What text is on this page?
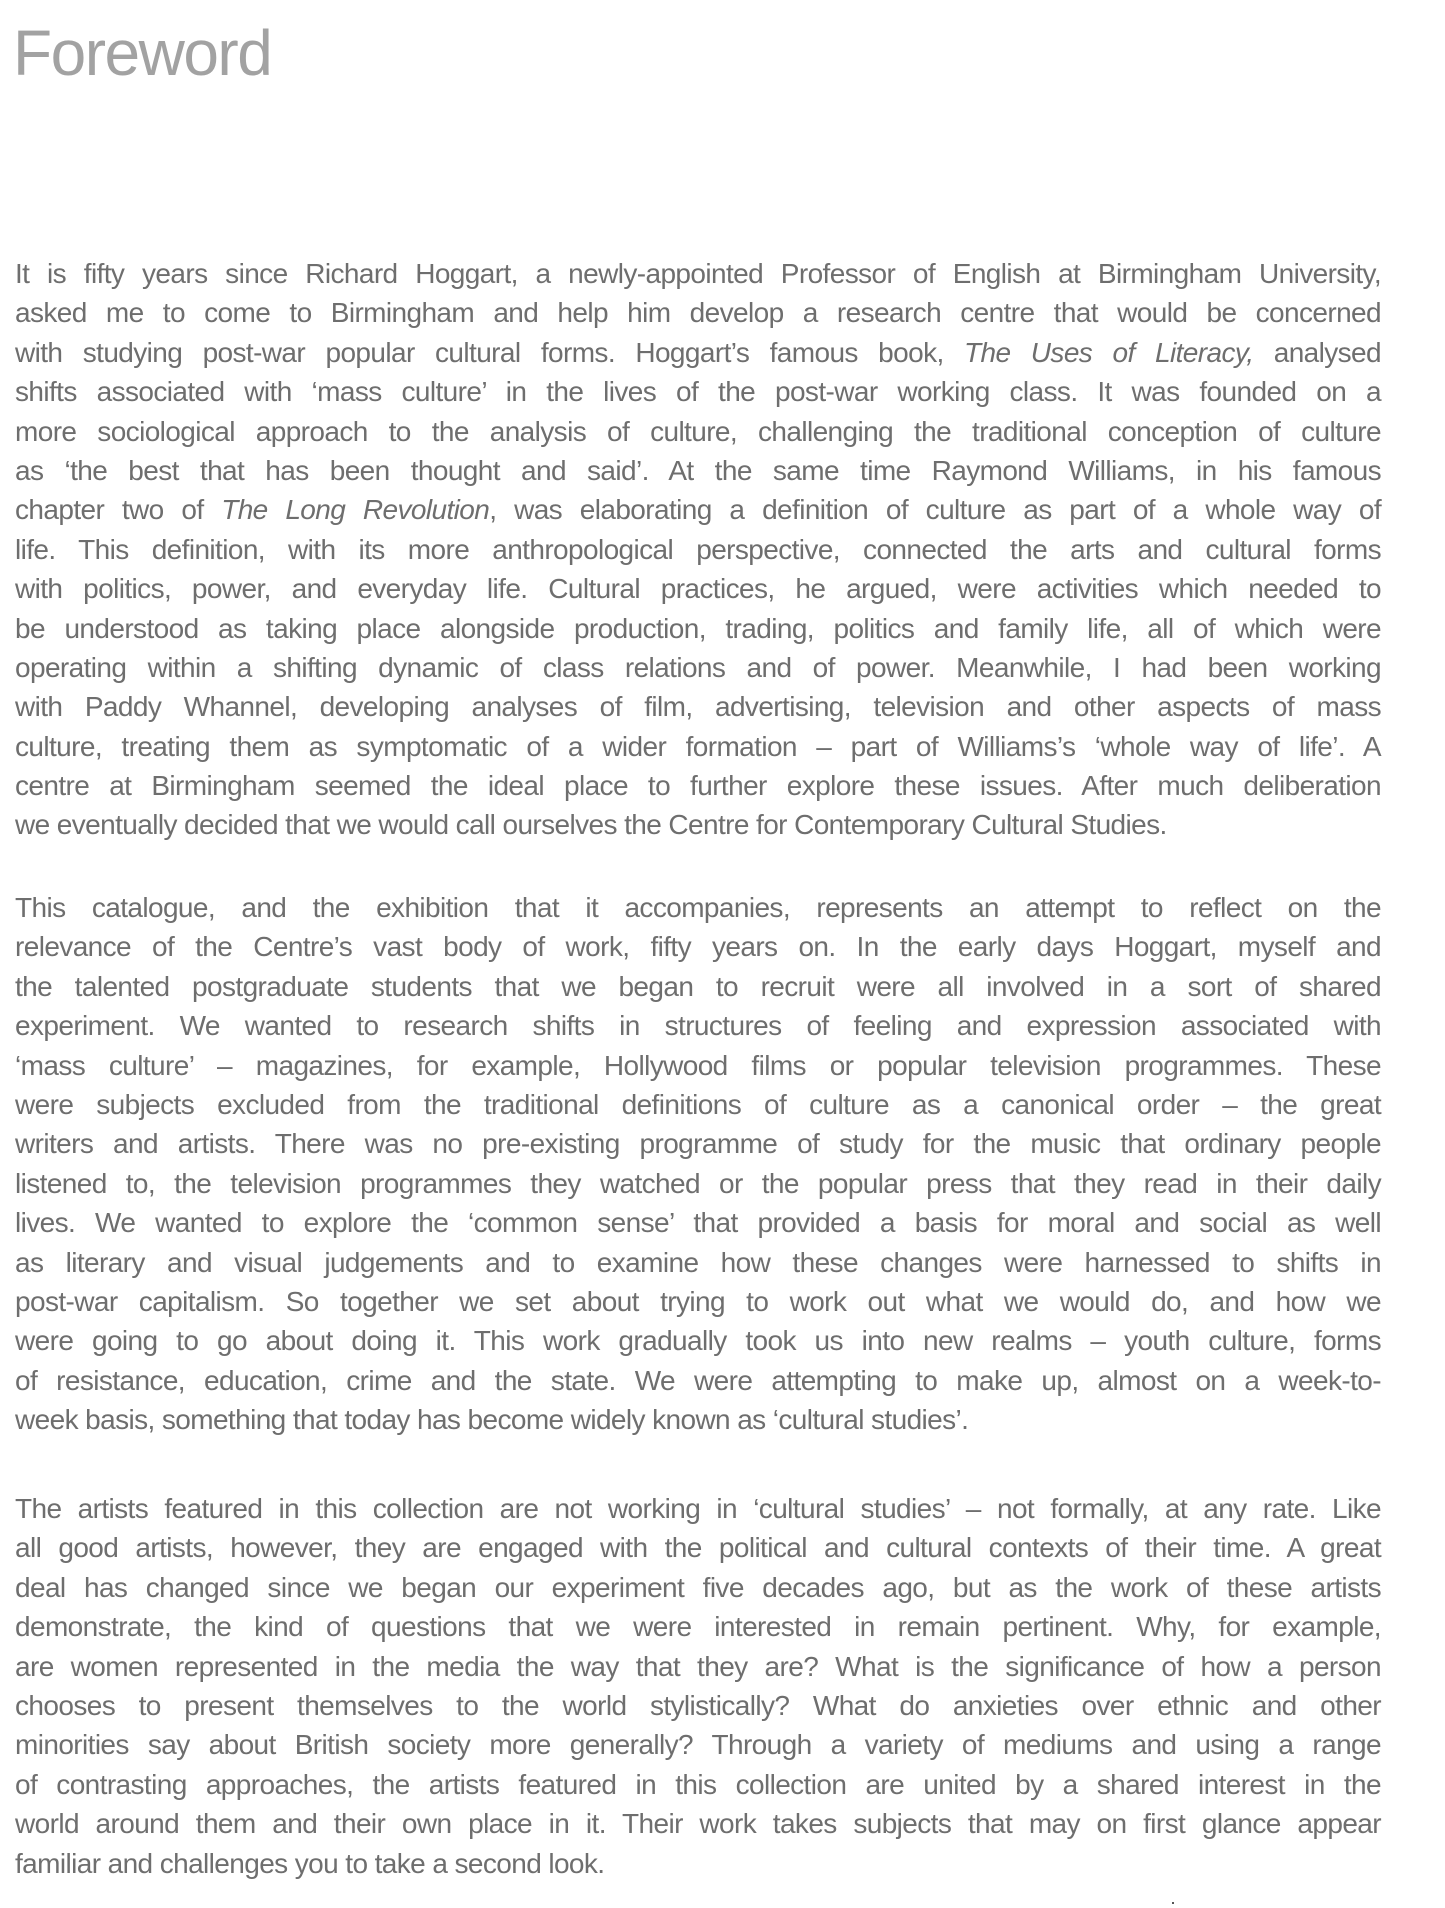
Foreword
It is fifty years since Richard Hoggart, a newly-appointed Professor of English at Birmingham University,
asked me to come to Birmingham and help him develop a research centre that would be concerned
with studying post-war popular cultural forms. Hoggart’s famous book, The Uses of Literacy, analysed
shifts associated with ‘mass culture’ in the lives of the post-war working class. It was founded on a
more sociological approach to the analysis of culture, challenging the traditional conception of culture
as ‘the best that has been thought and said’. At the same time Raymond Williams, in his famous
chapter two of The Long Revolution, was elaborating a definition of culture as part of a whole way of
life. This definition, with its more anthropological perspective, connected the arts and cultural forms
with politics, power, and everyday life. Cultural practices, he argued, were activities which needed to
be understood as taking place alongside production, trading, politics and family life, all of which were
operating within a shifting dynamic of class relations and of power. Meanwhile, I had been working
with Paddy Whannel, developing analyses of film, advertising, television and other aspects of mass
culture, treating them as symptomatic of a wider formation – part of Williams’s ‘whole way of life’. A
centre at Birmingham seemed the ideal place to further explore these issues. After much deliberation
we eventually decided that we would call ourselves the Centre for Contemporary Cultural Studies.
This catalogue, and the exhibition that it accompanies, represents an attempt to reflect on the
relevance of the Centre’s vast body of work, fifty years on. In the early days Hoggart, myself and
the talented postgraduate students that we began to recruit were all involved in a sort of shared
experiment. We wanted to research shifts in structures of feeling and expression associated with
‘mass culture’ – magazines, for example, Hollywood films or popular television programmes. These
were subjects excluded from the traditional definitions of culture as a canonical order – the great
writers and artists. There was no pre-existing programme of study for the music that ordinary people
listened to, the television programmes they watched or the popular press that they read in their daily
lives. We wanted to explore the ‘common sense’ that provided a basis for moral and social as well
as literary and visual judgements and to examine how these changes were harnessed to shifts in
post-war capitalism. So together we set about trying to work out what we would do, and how we
were going to go about doing it. This work gradually took us into new realms – youth culture, forms
of resistance, education, crime and the state. We were attempting to make up, almost on a week-to-
week basis, something that today has become widely known as ‘cultural studies’.
The artists featured in this collection are not working in ‘cultural studies’ – not formally, at any rate. Like
all good artists, however, they are engaged with the political and cultural contexts of their time. A great
deal has changed since we began our experiment five decades ago, but as the work of these artists
demonstrate, the kind of questions that we were interested in remain pertinent. Why, for example,
are women represented in the media the way that they are? What is the significance of how a person
chooses to present themselves to the world stylistically? What do anxieties over ethnic and other
minorities say about British society more generally? Through a variety of mediums and using a range
of contrasting approaches, the artists featured in this collection are united by a shared interest in the
world around them and their own place in it. Their work takes subjects that may on first glance appear
familiar and challenges you to take a second look.
